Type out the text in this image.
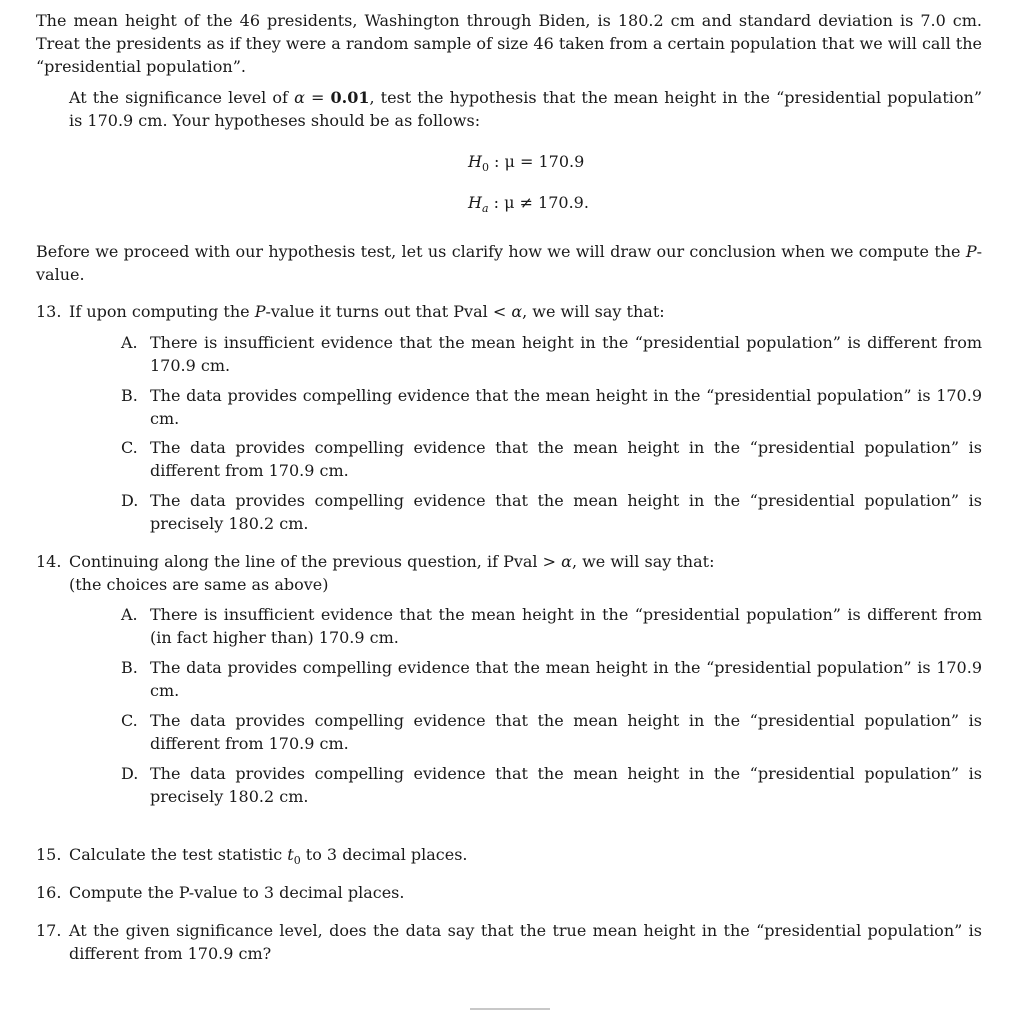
The mean height of the 46 presidents, Washington through Biden, is 180.2 cm and standard deviation is 7.0 cm. Treat the presidents as if they were a random sample of size 46 taken from a certain population that we will call the “presidential population”.
At the significance level of α = 0.01, test the hypothesis that the mean height in the “presidential population” is 170.9 cm. Your hypotheses should be as follows:
$H_0$ : μ = 170.9
$H_a$ : μ ≠ 170.9.
Before we proceed with our hypothesis test, let us clarify how we will draw our conclusion when we compute the P-value.
13. If upon computing the P-value it turns out that Pval < α, we will say that:
A. There is insufficient evidence that the mean height in the “presidential population” is different from 170.9 cm.
B. The data provides compelling evidence that the mean height in the “presidential population” is 170.9 cm.
C. The data provides compelling evidence that the mean height in the “presidential population” is different from 170.9 cm.
D. The data provides compelling evidence that the mean height in the “presidential population” is precisely 180.2 cm.
14. Continuing along the line of the previous question, if Pval > α, we will say that:
(the choices are same as above)
A. There is insufficient evidence that the mean height in the “presidential population” is different from (in fact higher than) 170.9 cm.
B. The data provides compelling evidence that the mean height in the “presidential population” is 170.9 cm.
C. The data provides compelling evidence that the mean height in the “presidential population” is different from 170.9 cm.
D. The data provides compelling evidence that the mean height in the “presidential population” is precisely 180.2 cm.
15. Calculate the test statistic $t_0$ to 3 decimal places.
16. Compute the P-value to 3 decimal places.
17. At the given significance level, does the data say that the true mean height in the “presidential population” is different from 170.9 cm?
